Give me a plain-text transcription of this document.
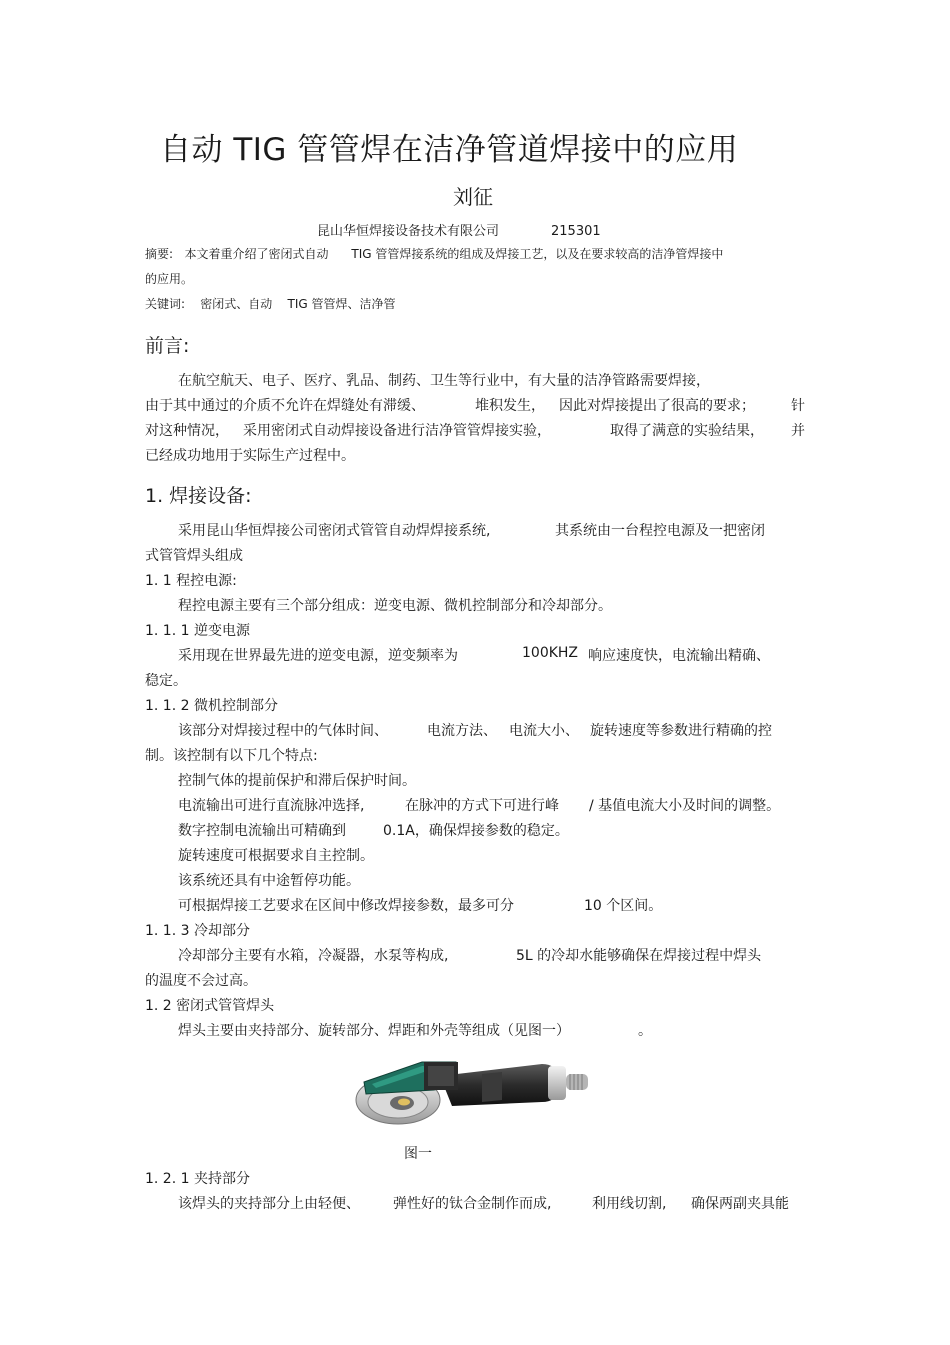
自动 TIG 管管焊在洁净管道焊接中的应用
刘征
昆山华恒焊接设备技术有限公司	215301
摘要:   本文着重介绍了密闭式自动      TIG 管管焊接系统的组成及焊接工艺，以及在要求较高的洁净管焊接中
的应用。
关键词:    密闭式、自动    TIG 管管焊、洁净管
前言:
在航空航天、电子、医疗、乳品、制药、卫生等行业中，有大量的洁净管路需要焊接，
由于其中通过的介质不允许在焊缝处有滞缓、	堆积发生， 因此对焊接提出了很高的要求；	针
对这种情况， 采用密闭式自动焊接设备进行洁净管管焊接实验，	取得了满意的实验结果， 并
已经成功地用于实际生产过程中。
1. 焊接设备:
采用昆山华恒焊接公司密闭式管管自动焊焊接系统,	其系统由一台程控电源及一把密闭
式管管焊头组成
1. 1 程控电源:
程控电源主要有三个部分组成：逆变电源、微机控制部分和冷却部分。
1. 1. 1 逆变电源
采用现在世界最先进的逆变电源，逆变频率为	100KHZ 响应速度快，电流输出精确、
稳定。
1. 1. 2 微机控制部分
该部分对焊接过程中的气体时间、	电流方法、 电流大小、 旋转速度等参数进行精确的控
制。该控制有以下几个特点:
控制气体的提前保护和滞后保护时间。
电流输出可进行直流脉冲选择,	在脉冲的方式下可进行峰 / 基值电流大小及时间的调整。
数字控制电流输出可精确到	0.1A，确保焊接参数的稳定。
旋转速度可根据要求自主控制。
该系统还具有中途暂停功能。
可根据焊接工艺要求在区间中修改焊接参数，最多可分	10 个区间。
1. 1. 3 冷却部分
冷却部分主要有水箱，冷凝器，水泵等构成,	5L 的冷却水能够确保在焊接过程中焊头
的温度不会过高。
1. 2 密闭式管管焊头
焊头主要由夹持部分、旋转部分、焊距和外壳等组成（见图一）	。
图一
1. 2. 1 夹持部分
该焊头的夹持部分上由轻便、 弹性好的钛合金制作而成,	利用线切割, 确保两副夹具能
